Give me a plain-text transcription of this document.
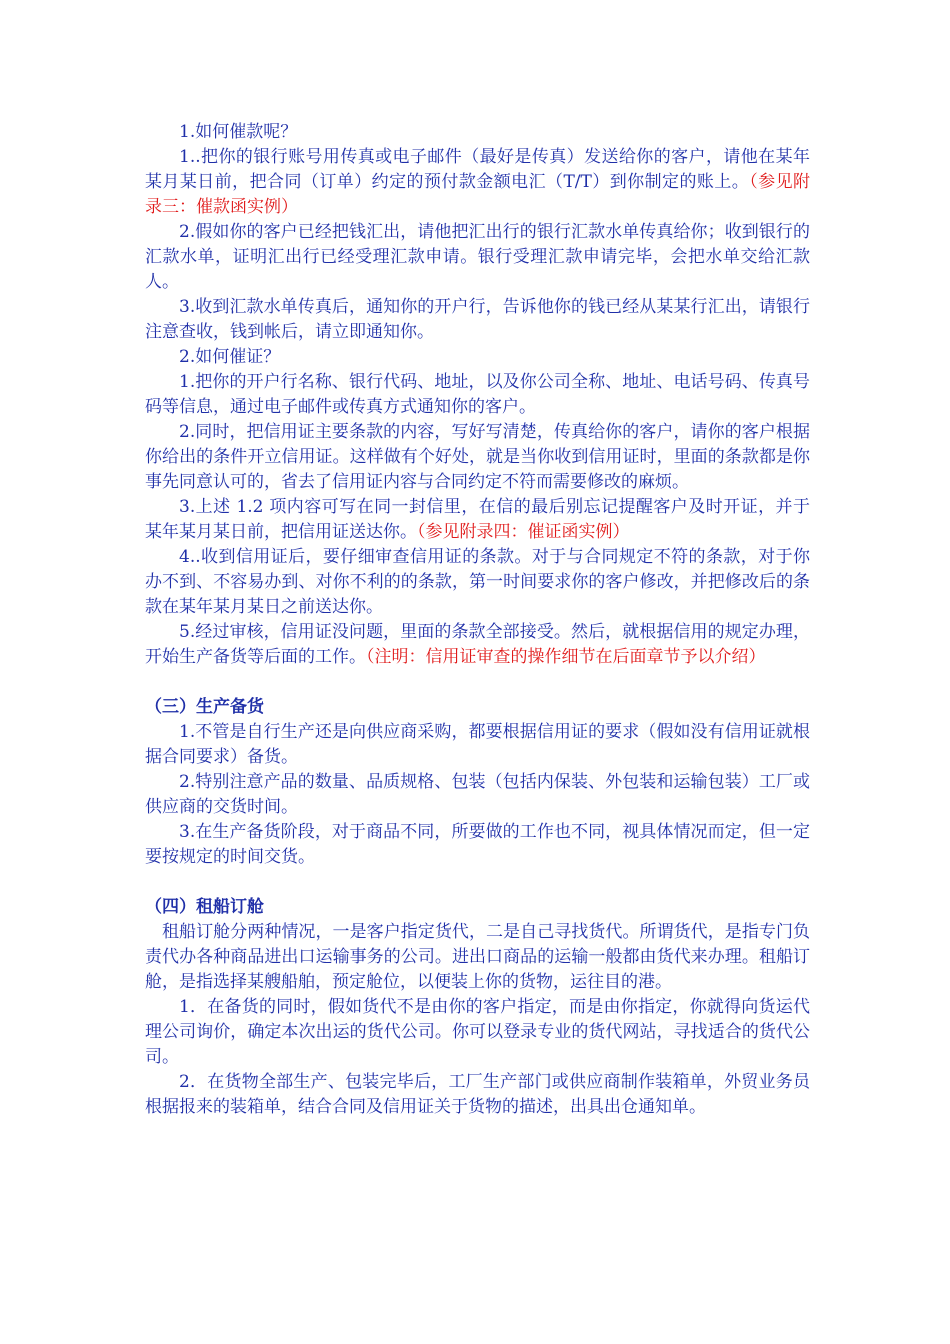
1.如何催款呢？

1..把你的银行账号用传真或电子邮件（最好是传真）发送给你的客户，请他在某年某月某日前，把合同（订单）约定的预付款金额电汇（T/T）到你制定的账上。（参见附录三：催款函实例）

2.假如你的客户已经把钱汇出，请他把汇出行的银行汇款水单传真给你；收到银行的汇款水单，证明汇出行已经受理汇款申请。银行受理汇款申请完毕，会把水单交给汇款人。

3.收到汇款水单传真后，通知你的开户行，告诉他你的钱已经从某某行汇出，请银行注意查收，钱到帐后，请立即通知你。

2.如何催证？

1.把你的开户行名称、银行代码、地址，以及你公司全称、地址、电话号码、传真号码等信息，通过电子邮件或传真方式通知你的客户。

2.同时，把信用证主要条款的内容，写好写清楚，传真给你的客户，请你的客户根据你给出的条件开立信用证。这样做有个好处，就是当你收到信用证时，里面的条款都是你事先同意认可的，省去了信用证内容与合同约定不符而需要修改的麻烦。

3.上述 1.2 项内容可写在同一封信里，在信的最后别忘记提醒客户及时开证，并于某年某月某日前，把信用证送达你。（参见附录四：催证函实例）

4..收到信用证后，要仔细审查信用证的条款。对于与合同规定不符的条款，对于你办不到、不容易办到、对你不利的的条款，第一时间要求你的客户修改，并把修改后的条款在某年某月某日之前送达你。

5.经过审核，信用证没问题，里面的条款全部接受。然后，就根据信用的规定办理，开始生产备货等后面的工作。（注明：信用证审查的操作细节在后面章节予以介绍）

（三）生产备货

1.不管是自行生产还是向供应商采购，都要根据信用证的要求（假如没有信用证就根据合同要求）备货。

2.特别注意产品的数量、品质规格、包装（包括内保装、外包装和运输包装）工厂或供应商的交货时间。

3.在生产备货阶段，对于商品不同，所要做的工作也不同，视具体情况而定，但一定要按规定的时间交货。

（四）租船订舱

租船订舱分两种情况，一是客户指定货代，二是自己寻找货代。所谓货代，是指专门负责代办各种商品进出口运输事务的公司。进出口商品的运输一般都由货代来办理。租船订舱，是指选择某艘船舶，预定舱位，以便装上你的货物，运往目的港。

1．在备货的同时，假如货代不是由你的客户指定，而是由你指定，你就得向货运代理公司询价，确定本次出运的货代公司。你可以登录专业的货代网站，寻找适合的货代公司。

2．在货物全部生产、包装完毕后，工厂生产部门或供应商制作装箱单，外贸业务员根据报来的装箱单，结合合同及信用证关于货物的描述，出具出仓通知单。
